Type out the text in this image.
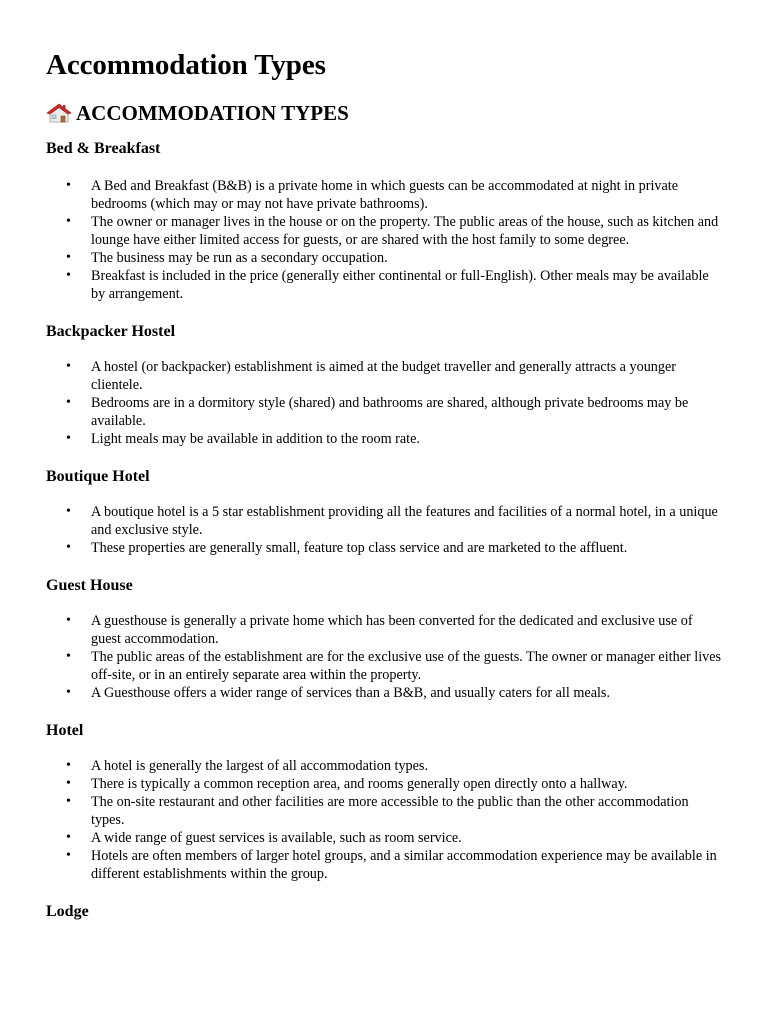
Accommodation Types
ACCOMMODATION TYPES
Bed & Breakfast
• A Bed and Breakfast (B&B) is a private home in which guests can be accommodated at night in private bedrooms (which may or may not have private bathrooms).
• The owner or manager lives in the house or on the property. The public areas of the house, such as kitchen and lounge have either limited access for guests, or are shared with the host family to some degree.
• The business may be run as a secondary occupation.
• Breakfast is included in the price (generally either continental or full-English). Other meals may be available by arrangement.
Backpacker Hostel
• A hostel (or backpacker) establishment is aimed at the budget traveller and generally attracts a younger clientele.
• Bedrooms are in a dormitory style (shared) and bathrooms are shared, although private bedrooms may be available.
• Light meals may be available in addition to the room rate.
Boutique Hotel
• A boutique hotel is a 5 star establishment providing all the features and facilities of a normal hotel, in a unique and exclusive style.
• These properties are generally small, feature top class service and are marketed to the affluent.
Guest House
• A guesthouse is generally a private home which has been converted for the dedicated and exclusive use of guest accommodation.
• The public areas of the establishment are for the exclusive use of the guests. The owner or manager either lives off-site, or in an entirely separate area within the property.
• A Guesthouse offers a wider range of services than a B&B, and usually caters for all meals.
Hotel
• A hotel is generally the largest of all accommodation types.
• There is typically a common reception area, and rooms generally open directly onto a hallway.
• The on-site restaurant and other facilities are more accessible to the public than the other accommodation types.
• A wide range of guest services is available, such as room service.
• Hotels are often members of larger hotel groups, and a similar accommodation experience may be available in different establishments within the group.
Lodge
